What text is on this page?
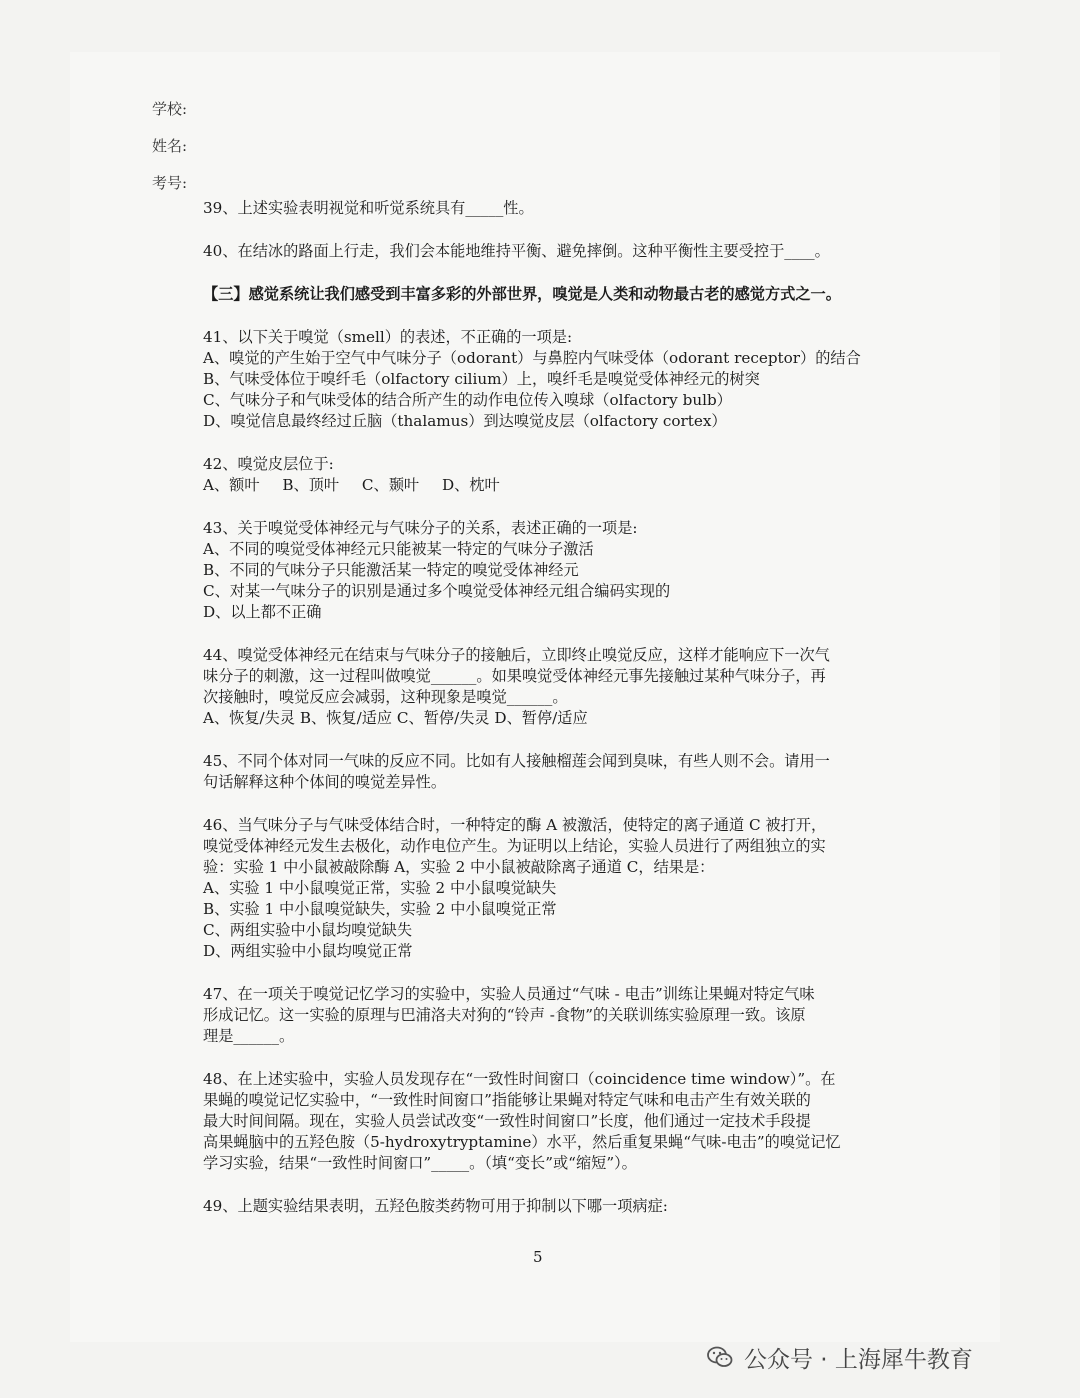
学校:
姓名:
考号:

39、上述实验表明视觉和听觉系统具有_____性。

40、在结冰的路面上行走，我们会本能地维持平衡、避免摔倒。这种平衡性主要受控于____。

【三】感觉系统让我们感受到丰富多彩的外部世界，嗅觉是人类和动物最古老的感觉方式之一。

41、以下关于嗅觉（smell）的表述，不正确的一项是:

A、嗅觉的产生始于空气中气味分子（odorant）与鼻腔内气味受体（odorant receptor）的结合

B、气味受体位于嗅纤毛（olfactory cilium）上，嗅纤毛是嗅觉受体神经元的树突

C、气味分子和气味受体的结合所产生的动作电位传入嗅球（olfactory bulb）

D、嗅觉信息最终经过丘脑（thalamus）到达嗅觉皮层（olfactory cortex）

42、嗅觉皮层位于:

A、额叶 B、顶叶 C、颞叶 D、枕叶

43、关于嗅觉受体神经元与气味分子的关系，表述正确的一项是:

A、不同的嗅觉受体神经元只能被某一特定的气味分子激活

B、不同的气味分子只能激活某一特定的嗅觉受体神经元

C、对某一气味分子的识别是通过多个嗅觉受体神经元组合编码实现的

D、以上都不正确

44、嗅觉受体神经元在结束与气味分子的接触后，立即终止嗅觉反应，这样才能响应下一次气

味分子的刺激，这一过程叫做嗅觉______。如果嗅觉受体神经元事先接触过某种气味分子，再

次接触时，嗅觉反应会减弱，这种现象是嗅觉______。

A、恢复/失灵 B、恢复/适应 C、暂停/失灵 D、暂停/适应

45、不同个体对同一气味的反应不同。比如有人接触榴莲会闻到臭味，有些人则不会。请用一

句话解释这种个体间的嗅觉差异性。

46、当气味分子与气味受体结合时，一种特定的酶 A 被激活，使特定的离子通道 C 被打开，

嗅觉受体神经元发生去极化，动作电位产生。为证明以上结论，实验人员进行了两组独立的实

验：实验 1 中小鼠被敲除酶 A，实验 2 中小鼠被敲除离子通道 C，结果是：

A、实验 1 中小鼠嗅觉正常，实验 2 中小鼠嗅觉缺失

B、实验 1 中小鼠嗅觉缺失，实验 2 中小鼠嗅觉正常

C、两组实验中小鼠均嗅觉缺失

D、两组实验中小鼠均嗅觉正常

47、在一项关于嗅觉记忆学习的实验中，实验人员通过“气味 - 电击”训练让果蝇对特定气味

形成记忆。这一实验的原理与巴浦洛夫对狗的“铃声 -食物”的关联训练实验原理一致。该原

理是______。

48、在上述实验中，实验人员发现存在“一致性时间窗口（coincidence time window）”。在

果蝇的嗅觉记忆实验中，“一致性时间窗口”指能够让果蝇对特定气味和电击产生有效关联的

最大时间间隔。现在，实验人员尝试改变“一致性时间窗口”长度，他们通过一定技术手段提

高果蝇脑中的五羟色胺（5-hydroxytryptamine）水平，然后重复果蝇“气味-电击”的嗅觉记忆

学习实验，结果“一致性时间窗口”_____。（填“变长”或“缩短”）。

49、上题实验结果表明，五羟色胺类药物可用于抑制以下哪一项病症:

5
公众号 · 上海犀牛教育
